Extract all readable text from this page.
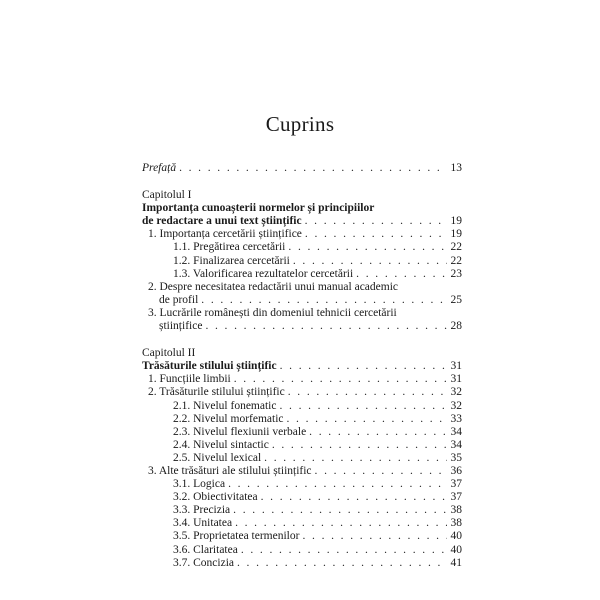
Cuprins
Prefață . . .	13
Capitolul I
Importanța cunoașterii normelor și principiilor
de redactare a unui text științific . . .	19
1. Importanța cercetării științifice . . .	19
1.1. Pregătirea cercetării . . .	22
1.2. Finalizarea cercetării . . .	22
1.3. Valorificarea rezultatelor cercetării . . .	23
2. Despre necesitatea redactării unui manual academic
de profil . . .	25
3. Lucrările românești din domeniul tehnicii cercetării
științifice . . .	28
Capitolul II
Trăsăturile stilului științific . . .	31
1. Funcțiile limbii . . .	31
2. Trăsăturile stilului științific . . .	32
2.1. Nivelul fonematic . . .	32
2.2. Nivelul morfematic . . .	33
2.3. Nivelul flexiunii verbale . . .	34
2.4. Nivelul sintactic . . .	34
2.5. Nivelul lexical . . .	35
3. Alte trăsături ale stilului științific . . .	36
3.1. Logica . . .	37
3.2. Obiectivitatea . . .	37
3.3. Precizia . . .	38
3.4. Unitatea . . .	38
3.5. Proprietatea termenilor . . .	40
3.6. Claritatea . . .	40
3.7. Concizia . . .	41
